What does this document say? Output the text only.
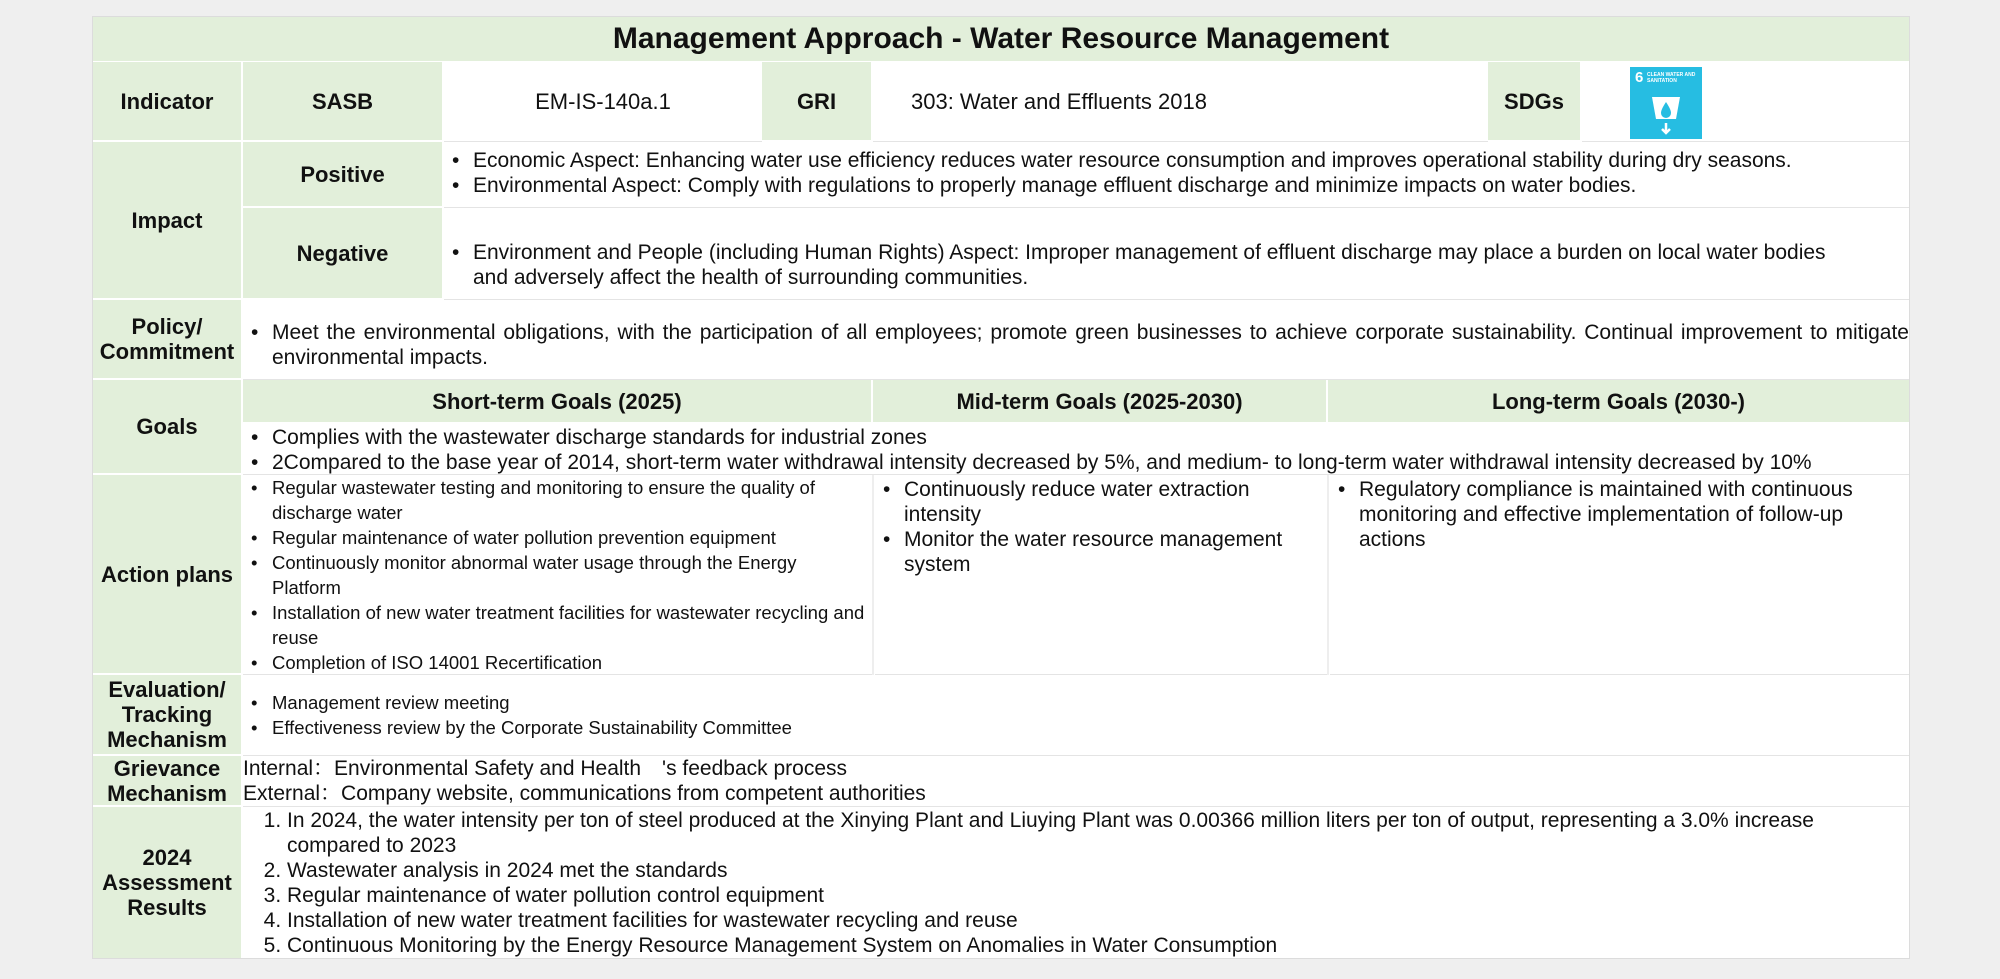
Management Approach - Water Resource Management
Indicator	SASB	EM-IS-140a.1	GRI	303: Water and Effluents 2018	SDGs
6 CLEAN WATER AND SANITATION
Impact
Positive
• Economic Aspect: Enhancing water use efficiency reduces water resource consumption and improves operational stability during dry seasons.
• Environmental Aspect: Comply with regulations to properly manage effluent discharge and minimize impacts on water bodies.
Negative
•	Environment and People (including Human Rights) Aspect: Improper management of effluent discharge may place a burden on local water bodies and adversely affect the health of surrounding communities.
Policy/ Commitment
• Meet the environmental obligations, with the participation of all employees; promote green businesses to achieve corporate sustainability. Continual improvement to mitigate environmental impacts.
Goals
Short-term Goals (2025)	Mid-term Goals (2025-2030)	Long-term Goals (2030-)
• Complies with the wastewater discharge standards for industrial zones
• 2Compared to the base year of 2014, short-term water withdrawal intensity decreased by 5%, and medium- to long-term water withdrawal intensity decreased by 10%
Action plans
• Regular wastewater testing and monitoring to ensure the quality of discharge water
• Regular maintenance of water pollution prevention equipment
• Continuously monitor abnormal water usage through the Energy Platform
• Installation of new water treatment facilities for wastewater recycling and reuse
• Completion of ISO 14001 Recertification
• Continuously reduce water extraction intensity
• Monitor the water resource management system
• Regulatory compliance is maintained with continuous monitoring and effective implementation of follow-up actions
Evaluation/ Tracking Mechanism
• Management review meeting
• Effectiveness review by the Corporate Sustainability Committee
Grievance Mechanism
Internal：Environmental Safety and Health　's feedback process
External：Company website, communications from competent authorities
2024 Assessment Results
1. In 2024, the water intensity per ton of steel produced at the Xinying Plant and Liuying Plant was 0.00366 million liters per ton of output, representing a 3.0% increase compared to 2023
2. Wastewater analysis in 2024 met the standards
3. Regular maintenance of water pollution control equipment
4. Installation of new water treatment facilities for wastewater recycling and reuse
5. Continuous Monitoring by the Energy Resource Management System on Anomalies in Water Consumption
